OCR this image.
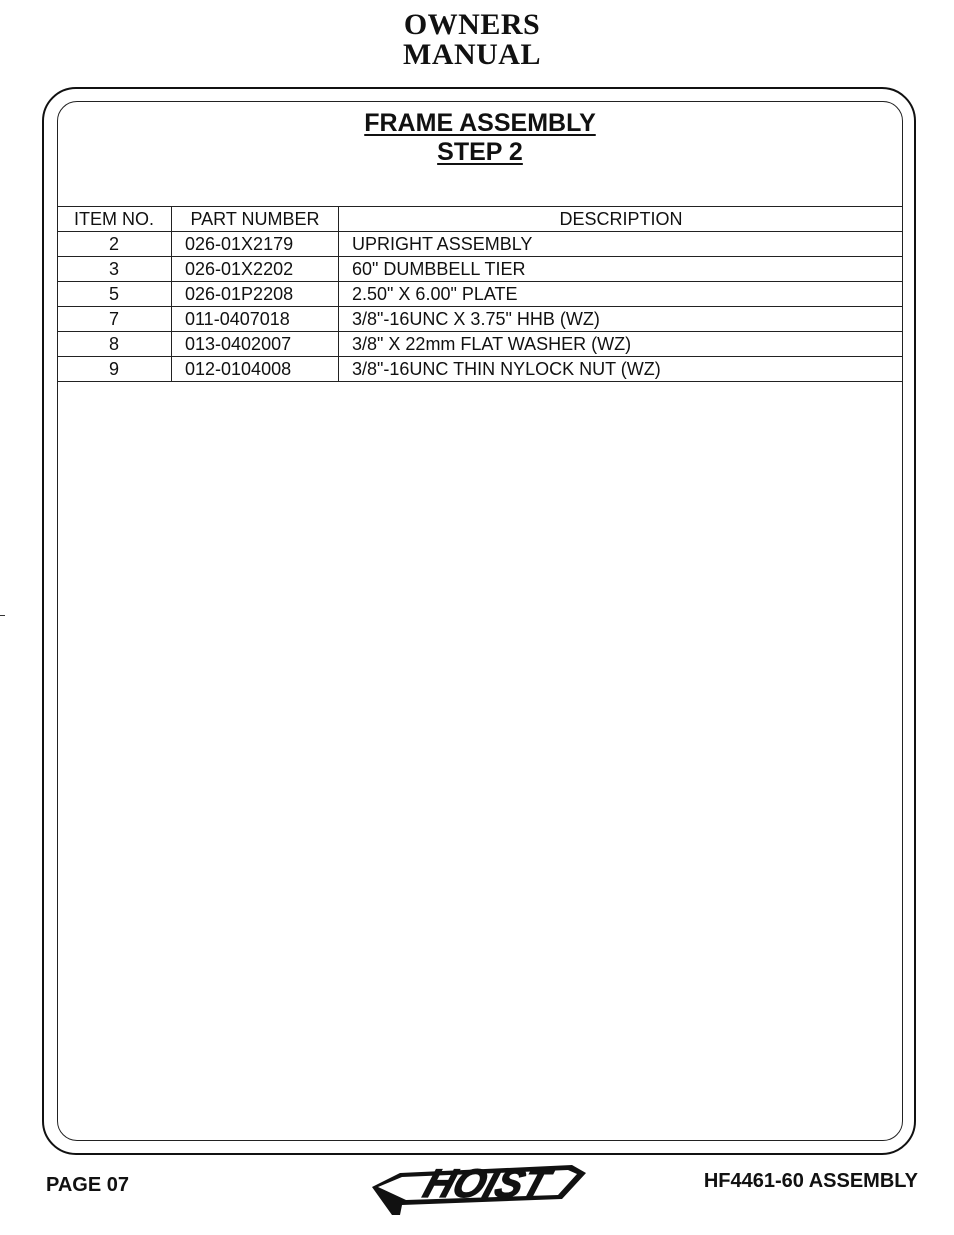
OWNERS
MANUAL
FRAME ASSEMBLY
STEP 2
ITEM NO.	PART NUMBER	DESCRIPTION
2	026-01X2179	UPRIGHT ASSEMBLY
3	026-01X2202	60" DUMBBELL TIER
5	026-01P2208	2.50" X 6.00" PLATE
7	011-0407018	3/8"-16UNC X 3.75" HHB (WZ)
8	013-0402007	3/8" X 22mm FLAT WASHER (WZ)
9	012-0104008	3/8"-16UNC THIN NYLOCK NUT (WZ)
PAGE 07	HOIST	HF4461-60 ASSEMBLY
